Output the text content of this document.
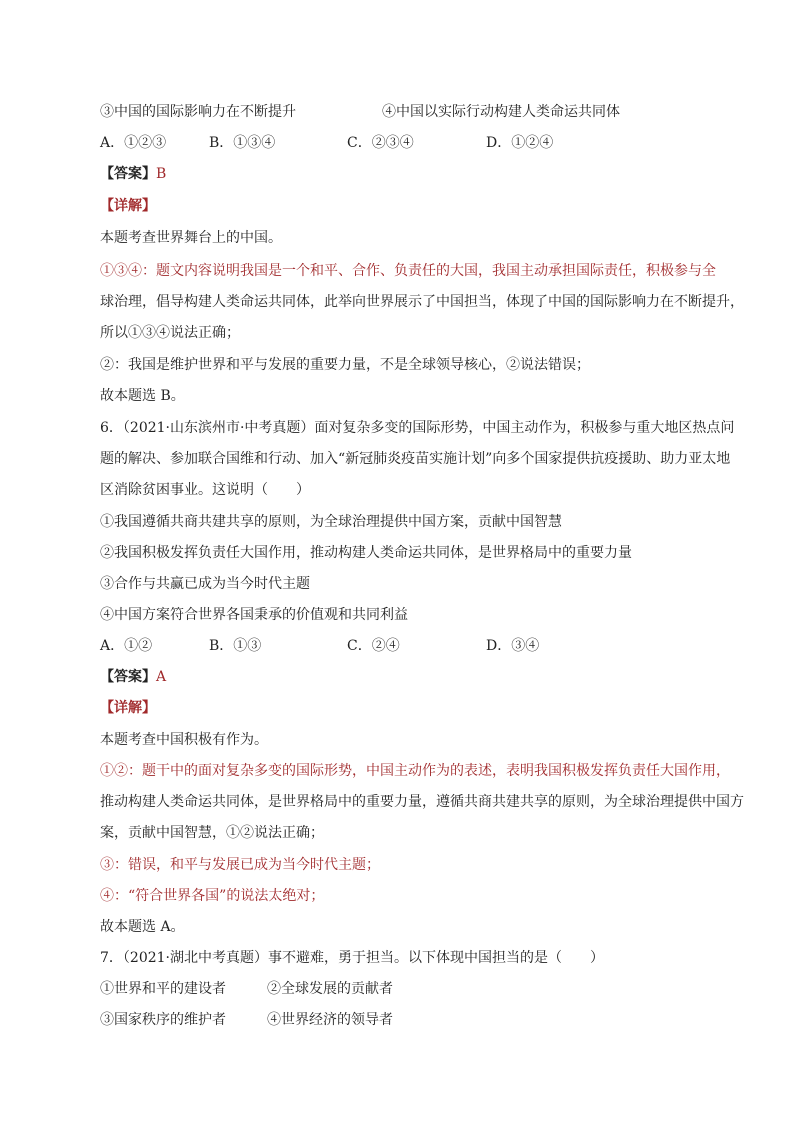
③中国的国际影响力在不断提升	④中国以实际行动构建人类命运共同体
A．①②③	B．①③④	C．②③④	D．①②④
【答案】B
【详解】
本题考查世界舞台上的中国。
①③④：题文内容说明我国是一个和平、合作、负责任的大国，我国主动承担国际责任，积极参与全
球治理，倡导构建人类命运共同体，此举向世界展示了中国担当，体现了中国的国际影响力在不断提升，
所以①③④说法正确；
②：我国是维护世界和平与发展的重要力量，不是全球领导核心，②说法错误；
故本题选 B。
6．（2021·山东滨州市·中考真题）面对复杂多变的国际形势，中国主动作为，积极参与重大地区热点问
题的解决、参加联合国维和行动、加入“新冠肺炎疫苗实施计划”向多个国家提供抗疫援助、助力亚太地
区消除贫困事业。这说明（　　）
①我国遵循共商共建共享的原则，为全球治理提供中国方案，贡献中国智慧
②我国积极发挥负责任大国作用，推动构建人类命运共同体，是世界格局中的重要力量
③合作与共赢已成为当今时代主题
④中国方案符合世界各国秉承的价值观和共同利益
A．①②	B．①③	C．②④	D．③④
【答案】A
【详解】
本题考查中国积极有作为。
①②：题干中的面对复杂多变的国际形势，中国主动作为的表述，表明我国积极发挥负责任大国作用，
推动构建人类命运共同体，是世界格局中的重要力量，遵循共商共建共享的原则，为全球治理提供中国方
案，贡献中国智慧，①②说法正确；
③：错误，和平与发展已成为当今时代主题；
④：“符合世界各国”的说法太绝对；
故本题选 A。
7．（2021·湖北中考真题）事不避难，勇于担当。以下体现中国担当的是（　　）
①世界和平的建设者	②全球发展的贡献者
③国家秩序的维护者	④世界经济的领导者
